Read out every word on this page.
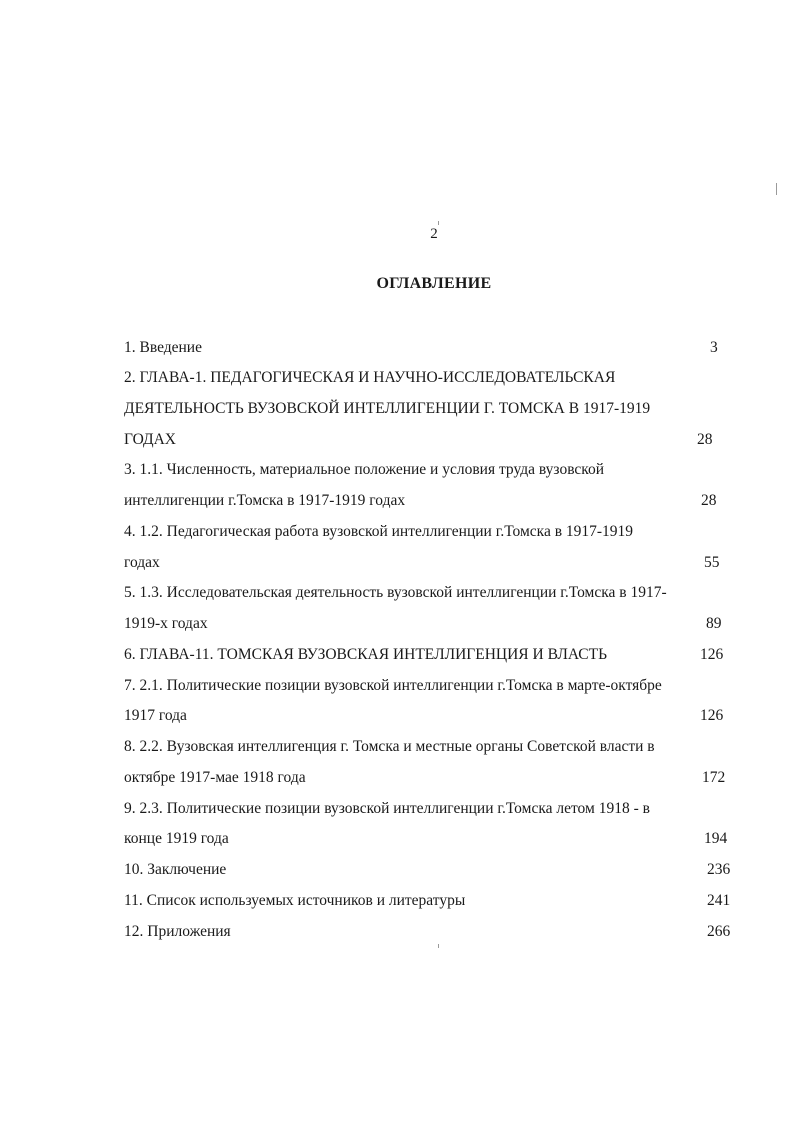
2
ОГЛАВЛЕНИЕ
1. Введение	3
2. ГЛАВА-1. ПЕДАГОГИЧЕСКАЯ И НАУЧНО-ИССЛЕДОВАТЕЛЬСКАЯ
ДЕЯТЕЛЬНОСТЬ ВУЗОВСКОЙ ИНТЕЛЛИГЕНЦИИ Г. ТОМСКА В 1917-1919
ГОДАХ	28
3. 1.1. Численность, материальное положение и условия труда вузовской
интеллигенции г.Томска в 1917-1919 годах	28
4. 1.2. Педагогическая работа вузовской интеллигенции г.Томска в 1917-1919
годах	55
5. 1.3. Исследовательская деятельность вузовской интеллигенции г.Томска в 1917-
1919-х годах	89
6. ГЛАВА-11. ТОМСКАЯ ВУЗОВСКАЯ ИНТЕЛЛИГЕНЦИЯ И ВЛАСТЬ	126
7. 2.1. Политические позиции вузовской интеллигенции г.Томска в марте-октябре
1917 года	126
8. 2.2. Вузовская интеллигенция г. Томска и местные органы Советской власти в
октябре 1917-мае 1918 года	172
9. 2.3. Политические позиции вузовской интеллигенции г.Томска летом 1918 - в
конце 1919 года	194
10. Заключение	236
11. Список используемых источников и литературы	241
12. Приложения	266
